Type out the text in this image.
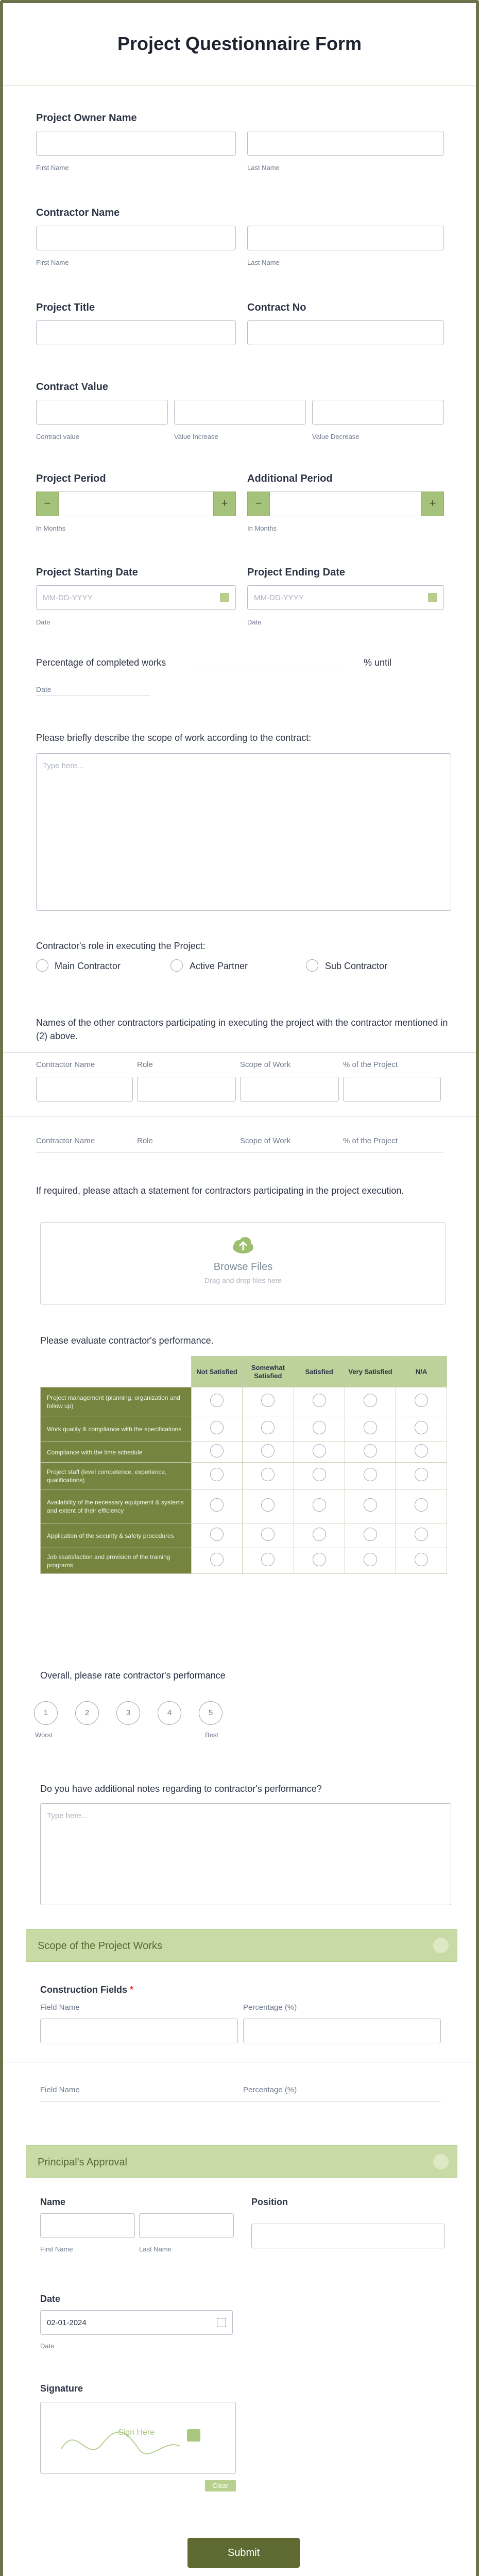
Project Questionnaire Form
Project Owner Name
First Name	Last Name
Contractor Name
First Name	Last Name
Project Title	Contract No
Contract Value
Contract value	Value Increase	Value Decrease
Project Period
−	+
In Months
Additional Period
−	+
In Months
Project Starting Date
MM-DD-YYYY
Date
Project Ending Date
MM-DD-YYYY
Date
Percentage of completed works	% until
Date
Please briefly describe the scope of work according to the contract:
Type here...
Contractor's role in executing the Project:
Main Contractor	Active Partner	Sub Contractor
Names of the other contractors participating in executing the project with the contractor mentioned in (2) above.
Contractor Name	Role	Scope of Work	% of the Project
Contractor Name	Role	Scope of Work	% of the Project
If required, please attach a statement for contractors participating in the project execution.
Browse Files
Drag and drop files here
Please evaluate contractor's performance.
	Not Satisfied	Somewhat Satisfied	Satisfied	Very Satisfied	N/A
Project management (planning, organization and follow up)					
Work quality & compliance with the specifications					
Compliance with the time schedule					
Project staff (level competence, experience, qualifications)					
Availability of the necessary equipment & systems and extent of their efficiency					
Application of the security & safety procedures					
Job ssatisfaction and provision of the training programs					
Overall, please rate contractor's performance
1	2	3	4	5
Worst	Best
Do you have additional notes regarding to contractor's performance?
Type here...
Scope of the Project Works
Construction Fields *
Field Name	Percentage (%)
Field Name	Percentage (%)
Principal's Approval
Name
First Name	Last Name
Position
Date
02-01-2024
Date
Signature
Sign Here
Clear
Submit
